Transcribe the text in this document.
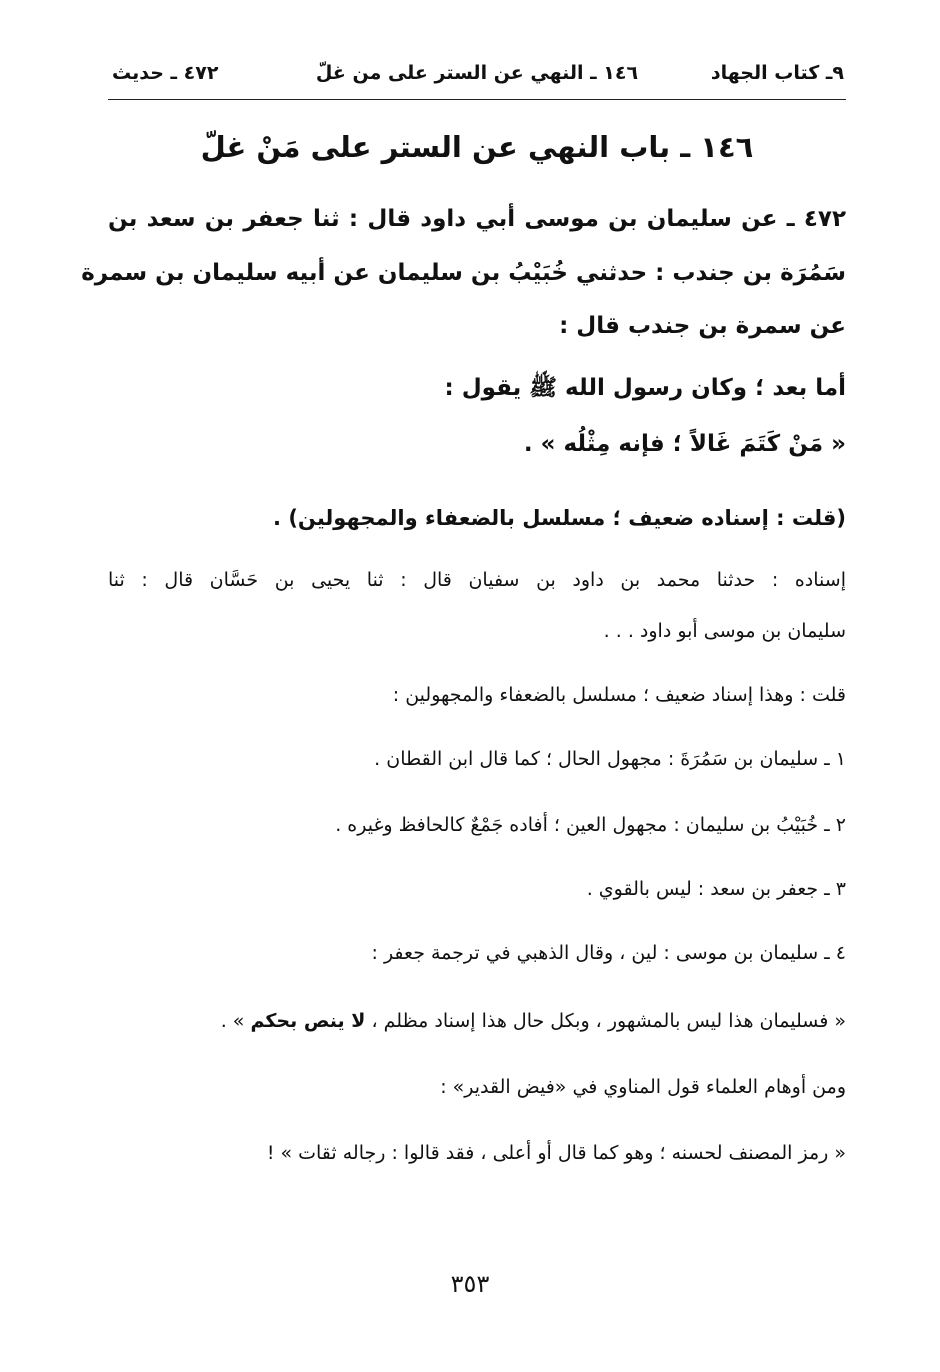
٩ـ كتاب الجهاد
١٤٦ ـ النهي عن الستر على من غلّ
٤٧٢ ـ حديث
١٤٦ ـ باب النهي عن الستر على مَنْ غلّ
٤٧٢ ـ عن سليمان بن موسى أبي داود قال : ثنا جعفر بن سعد بن
سَمُرَة بن جندب : حدثني خُبَيْبُ بن سليمان عن أبيه سليمان بن سمرة
عن سمرة بن جندب قال :
أما بعد ؛ وكان رسول الله ﷺ يقول :
« مَنْ كَتَمَ غَالاً ؛ فإنه مِثْلُه » .
(قلت : إسناده ضعيف ؛ مسلسل بالضعفاء والمجهولين) .
إسناده : حدثنا محمد بن داود بن سفيان قال : ثنا يحيى بن حَسَّان قال : ثنا
سليمان بن موسى أبو داود . . .
قلت : وهذا إسناد ضعيف ؛ مسلسل بالضعفاء والمجهولين :
١ ـ سليمان بن سَمُرَةَ : مجهول الحال ؛ كما قال ابن القطان .
٢ ـ خُبَيْبُ بن سليمان : مجهول العين ؛ أفاده جَمْعٌ كالحافظ وغيره .
٣ ـ جعفر بن سعد : ليس بالقوي .
٤ ـ سليمان بن موسى : لين ، وقال الذهبي في ترجمة جعفر :
« فسليمان هذا ليس بالمشهور ، وبكل حال هذا إسناد مظلم ، لا ينص بحكم » .
ومن أوهام العلماء قول المناوي في «فيض القدير» :
« رمز المصنف لحسنه ؛ وهو كما قال أو أعلى ، فقد قالوا : رجاله ثقات » !
٣٥٣
